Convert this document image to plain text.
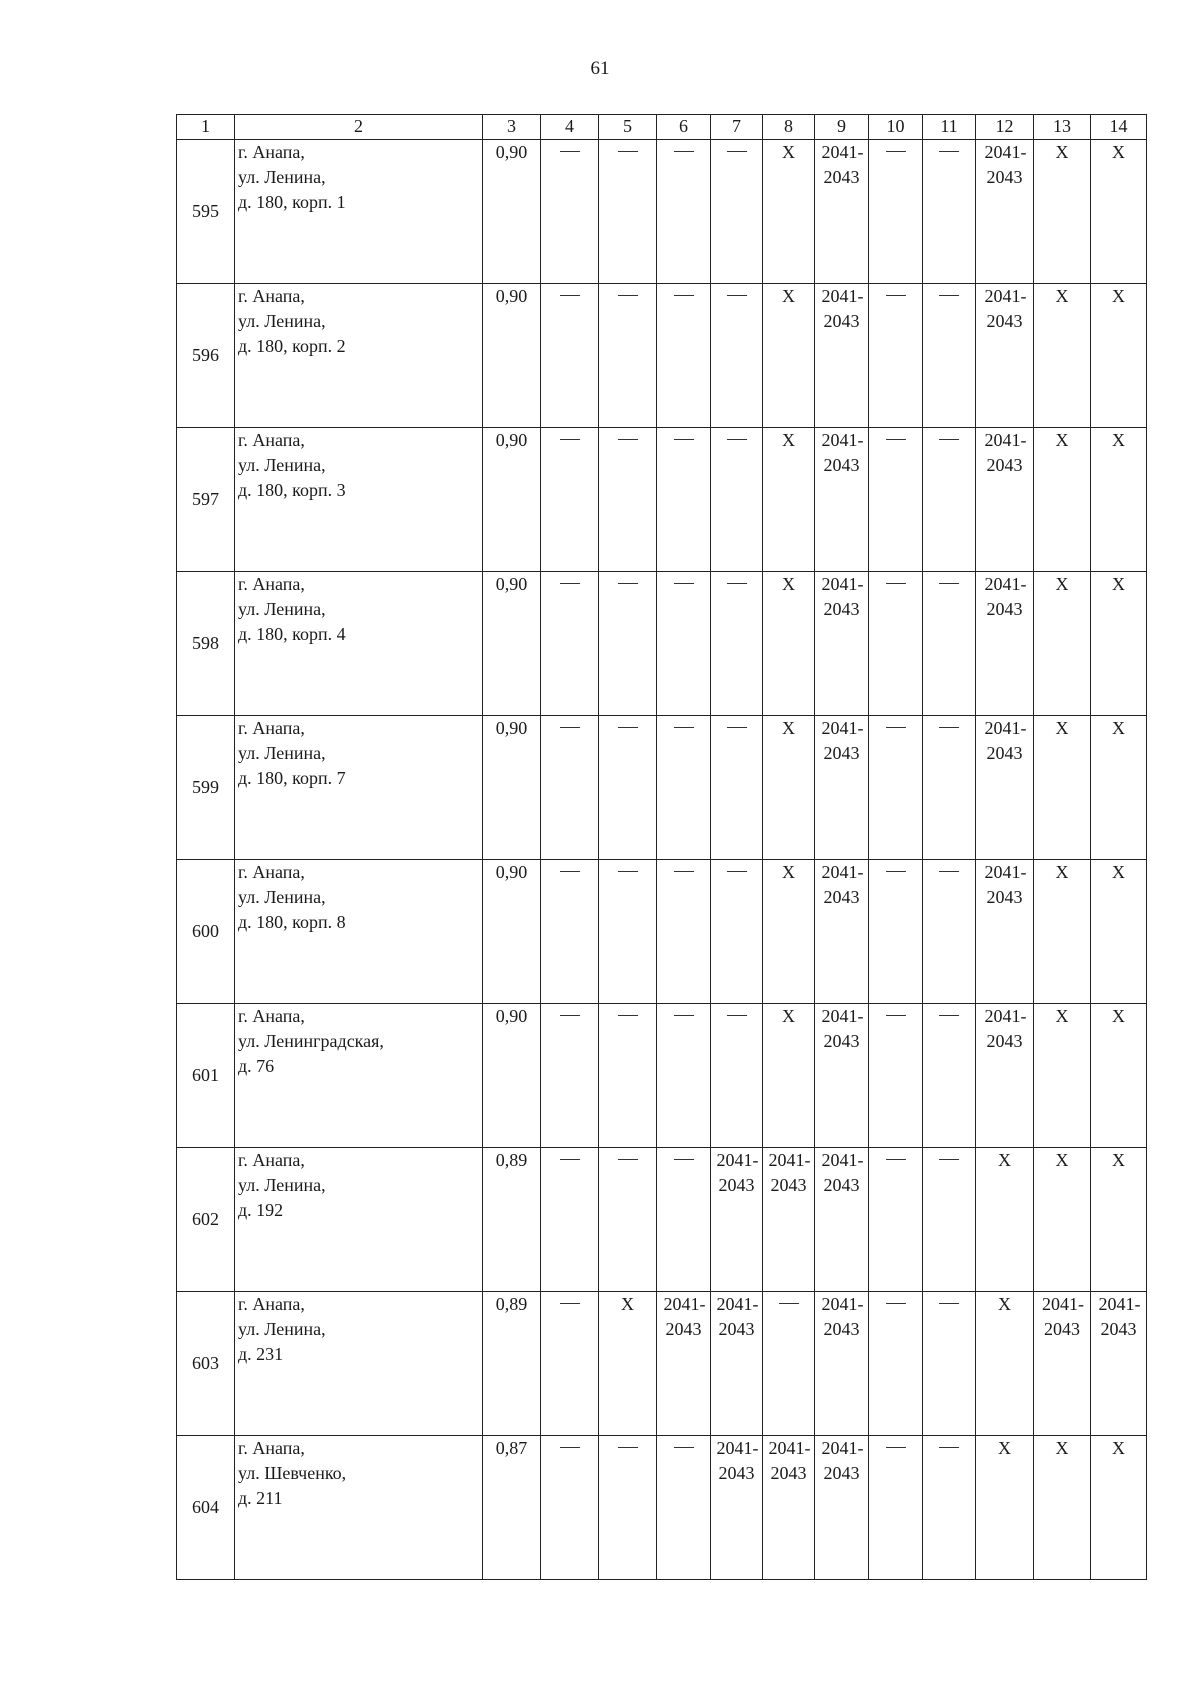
61
1	2	3	4	5	6	7	8	9	10	11	12	13	14
595	г. Анапа,
ул. Ленина,
д. 180, корп. 1	0,90					X	2041-
2043			2041-
2043	X	X
596	г. Анапа,
ул. Ленина,
д. 180, корп. 2	0,90					X	2041-
2043			2041-
2043	X	X
597	г. Анапа,
ул. Ленина,
д. 180, корп. 3	0,90					X	2041-
2043			2041-
2043	X	X
598	г. Анапа,
ул. Ленина,
д. 180, корп. 4	0,90					X	2041-
2043			2041-
2043	X	X
599	г. Анапа,
ул. Ленина,
д. 180, корп. 7	0,90					X	2041-
2043			2041-
2043	X	X
600	г. Анапа,
ул. Ленина,
д. 180, корп. 8	0,90					X	2041-
2043			2041-
2043	X	X
601	г. Анапа,
ул. Ленинградская,
д. 76	0,90					X	2041-
2043			2041-
2043	X	X
602	г. Анапа,
ул. Ленина,
д. 192	0,89				2041-
2043	2041-
2043	2041-
2043			X	X	X
603	г. Анапа,
ул. Ленина,
д. 231	0,89		X	2041-
2043	2041-
2043		2041-
2043			X	2041-
2043	2041-
2043

604	г. Анапа,
ул. Шевченко,
д. 211	0,87				2041-
2043	2041-
2043	2041-
2043			X	X	X
